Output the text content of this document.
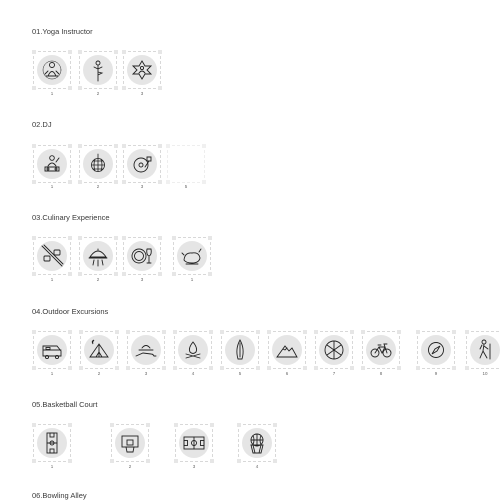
01.Yoga Instructor
1	2	3
02.DJ
1	2	3	5
03.Culinary Experience
1	2	3	1
04.Outdoor Excursions
1	2	3	4	5	6	7	8	9	10
05.Basketball Court
1	2	3	4
06.Bowling Alley
